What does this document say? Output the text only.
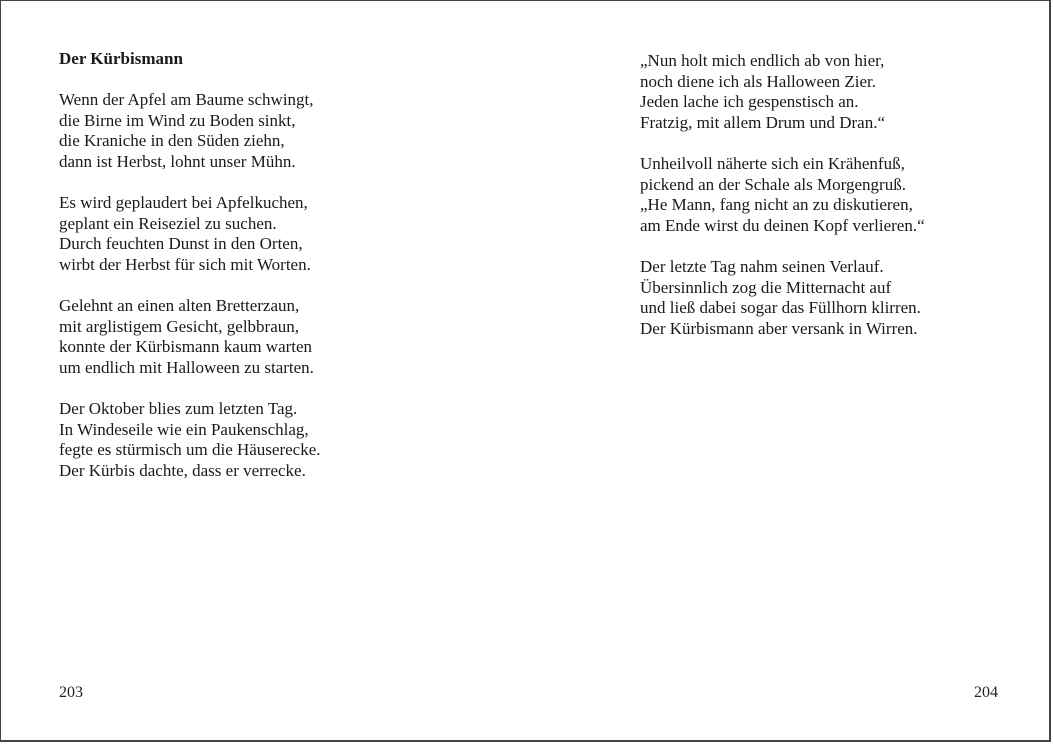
Der Kürbismann

Wenn der Apfel am Baume schwingt,
die Birne im Wind zu Boden sinkt,
die Kraniche in den Süden ziehn,
dann ist Herbst, lohnt unser Mühn.

Es wird geplaudert bei Apfelkuchen,
geplant ein Reiseziel zu suchen.
Durch feuchten Dunst in den Orten,
wirbt der Herbst für sich mit Worten.

Gelehnt an einen alten Bretterzaun,
mit arglistigem Gesicht, gelbbraun,
konnte der Kürbismann kaum warten
um endlich mit Halloween zu starten.

Der Oktober blies zum letzten Tag.
In Windeseile wie ein Paukenschlag,
fegte es stürmisch um die Häuserecke.
Der Kürbis dachte, dass er verrecke.

203

„Nun holt mich endlich ab von hier,
noch diene ich als Halloween Zier.
Jeden lache ich gespenstisch an.
Fratzig, mit allem Drum und Dran.“

Unheilvoll näherte sich ein Krähenfuß,
pickend an der Schale als Morgengruß.
„He Mann, fang nicht an zu diskutieren,
am Ende wirst du deinen Kopf verlieren.“

Der letzte Tag nahm seinen Verlauf.
Übersinnlich zog die Mitternacht auf
und ließ dabei sogar das Füllhorn klirren.
Der Kürbismann aber versank in Wirren.

204
